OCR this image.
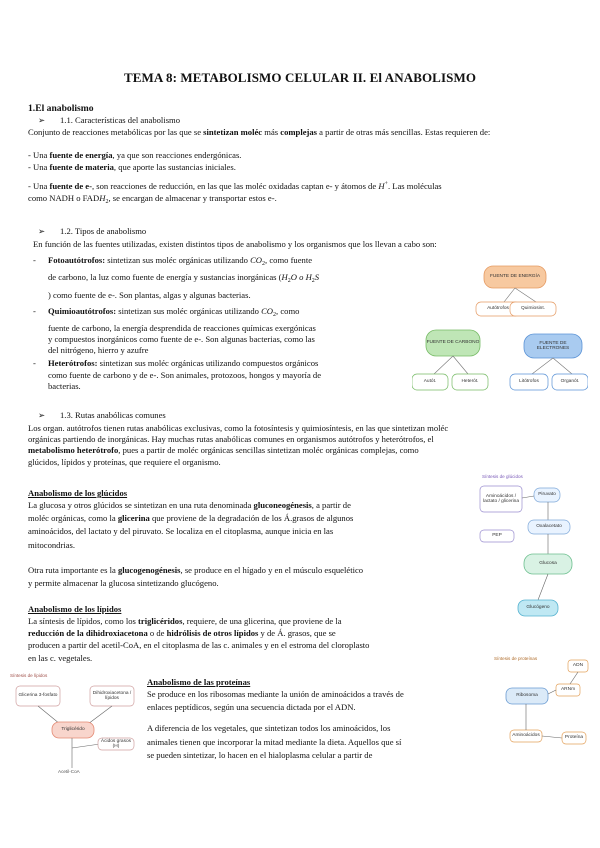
TEMA 8: METABOLISMO CELULAR II. El ANABOLISMO
1.El anabolismo
➢ 1.1. Características del anabolismo
Conjunto de reacciones metabólicas por las que se sintetizan moléc más complejas a partir de otras más sencillas. Estas requieren de:
- Una fuente de energía, ya que son reacciones endergónicas.
- Una fuente de materia, que aporte las sustancias iniciales.
- Una fuente de e-, son reacciones de reducción, en las que las moléc oxidadas captan e- y átomos de H+. Las moléculas
como NADH o $FADH_2$, se encargan de almacenar y transportar estos e-.
➢ 1.2. Tipos de anabolismo
En función de las fuentes utilizadas, existen distintos tipos de anabolismo y los organismos que los llevan a cabo son:
- Fotoautótrofos: sintetizan sus moléc orgánicas utilizando $CO_2$, como fuente
de carbono, la luz como fuente de energía y sustancias inorgánicas ($H_2O$ o $H_2S$
) como fuente de e-. Son plantas, algas y algunas bacterias.
- Quimioautótrofos: sintetizan sus moléc orgánicas utilizando $CO_2$, como
fuente de carbono, la energía desprendida de reacciones químicas exergónicas
y compuestos inorgánicos como fuente de e-. Son algunas bacterias, como las
del nitrógeno, hierro y azufre
- Heterótrofos: sintetizan sus moléc orgánicas utilizando compuestos orgánicos
como fuente de carbono y de e-. Son animales, protozoos, hongos y mayoría de
bacterias.
FUENTE DE ENERGÍA
FUENTE DE CARBONO	FUENTE DE ELECTRONES
Autótrofos	Quimiosint.
Autót.	Heterót.	Litótrofos	Organót.
➢ 1.3. Rutas anabólicas comunes
Los organ. autótrofos tienen rutas anabólicas exclusivas, como la fotosíntesis y quimiosíntesis, en las que sintetizan moléc
orgánicas partiendo de inorgánicas. Hay muchas rutas anabólicas comunes en organismos autótrofos y heterótrofos, el
metabolismo heterótrofo, pues a partir de moléc orgánicas sencillas sintetizan moléc orgánicas complejas, como
glúcidos, lípidos y proteínas, que requiere el organismo.
Anabolismo de los glúcidos
La glucosa y otros glúcidos se sintetizan en una ruta denominada gluconeogénesis, a partir de
moléc orgánicas, como la glicerina que proviene de la degradación de los Á.grasos de algunos
aminoácidos, del lactato y del piruvato. Se localiza en el citoplasma, aunque inicia en las
mitocondrias.
Otra ruta importante es la glucogenogénesis, se produce en el hígado y en el músculo esquelético
y permite almacenar la glucosa sintetizando glucógeno.
Síntesis de glúcidos
Aminoácidos / lactato / glicerina
Piruvato
Oxalacetato
PEP
Glucosa
Glucógeno
Anabolismo de los lípidos
La síntesis de lípidos, como los triglicéridos, requiere, de una glicerina, que proviene de la
reducción de la dihidroxiacetona o de hidrólisis de otros lípidos y de Á. grasos, que se
producen a partir del acetil-CoA, en el citoplasma de las c. animales y en el estroma del cloroplasto
en las c. vegetales.
Síntesis de lípidos
Glicerina 3-fosfato
Dihidroxiacetona / lípidos
Triglicérido
Ácidos grasos (H)
Acetil-CoA
Anabolismo de las proteínas
Se produce en los ribosomas mediante la unión de aminoácidos a través de
enlaces peptídicos, según una secuencia dictada por el ADN.
A diferencia de los vegetales, que sintetizan todos los aminoácidos, los
animales tienen que incorporar la mitad mediante la dieta. Aquellos que sí
se pueden sintetizar, lo hacen en el hialoplasma celular a partir de
Síntesis de proteínas
ADN
ARNm
Ribosoma
Aminoácidos	Proteína
